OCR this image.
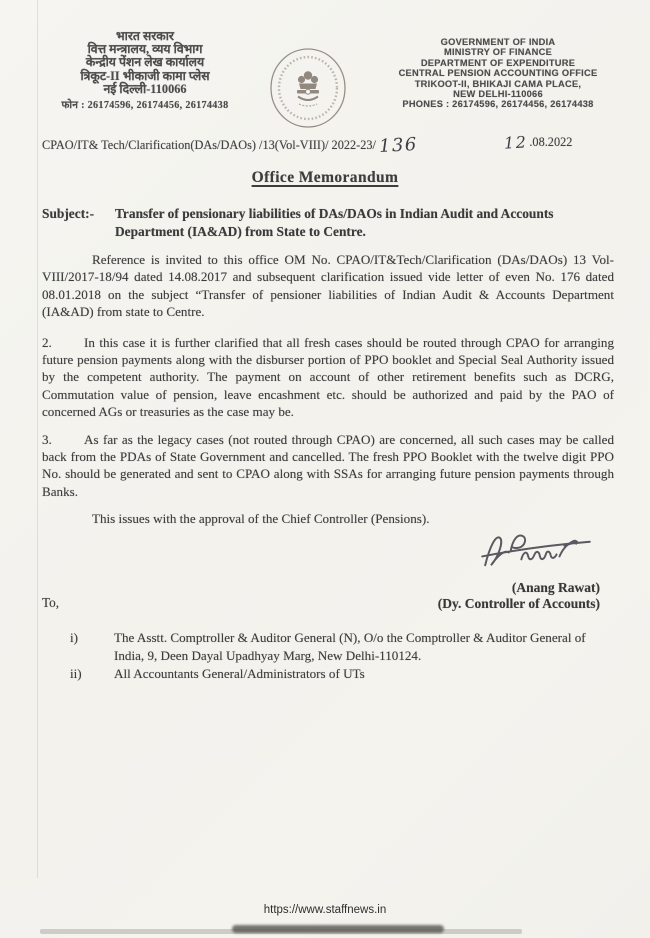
भारत सरकार
वित्त मन्त्रालय, व्यय विभाग
केन्द्रीय पेंशन लेख कार्यालय
त्रिकूट-II भीकाजी कामा प्लेस
नई दिल्ली-110066
फोन : 26174596, 26174456, 26174438
GOVERNMENT OF INDIA
MINISTRY OF FINANCE
DEPARTMENT OF EXPENDITURE
CENTRAL PENSION ACCOUNTING OFFICE
TRIKOOT-II, BHIKAJI CAMA PLACE,
NEW DELHI-110066
PHONES : 26174596, 26174456, 26174438
CPAO/IT& Tech/Clarification(DAs/DAOs) /13(Vol-VIII)/ 2022-23/ 136	12 .08.2022
Office Memorandum
Subject:-	Transfer of pensionary liabilities of DAs/DAOs in Indian Audit and Accounts Department (IA&AD) from State to Centre.

Reference is invited to this office OM No. CPAO/IT&Tech/Clarification (DAs/DAOs) 13 Vol-VIII/2017-18/94 dated 14.08.2017 and subsequent clarification issued vide letter of even No. 176 dated 08.01.2018 on the subject “Transfer of pensioner liabilities of Indian Audit & Accounts Department (IA&AD) from state to Centre.

2. In this case it is further clarified that all fresh cases should be routed through CPAO for arranging future pension payments along with the disburser portion of PPO booklet and Special Seal Authority issued by the competent authority. The payment on account of other retirement benefits such as DCRG, Commutation value of pension, leave encashment etc. should be authorized and paid by the PAO of concerned AGs or treasuries as the case may be.

3. As far as the legacy cases (not routed through CPAO) are concerned, all such cases may be called back from the PDAs of State Government and cancelled. The fresh PPO Booklet with the twelve digit PPO No. should be generated and sent to CPAO along with SSAs for arranging future pension payments through Banks.

This issues with the approval of the Chief Controller (Pensions).

(Anang Rawat)
(Dy. Controller of Accounts)
To,
i)	The Asstt. Comptroller & Auditor General (N), O/o the Comptroller & Auditor General of India, 9, Deen Dayal Upadhyay Marg, New Delhi-110124.
ii) All Accountants General/Administrators of UTs
https://www.staffnews.in
